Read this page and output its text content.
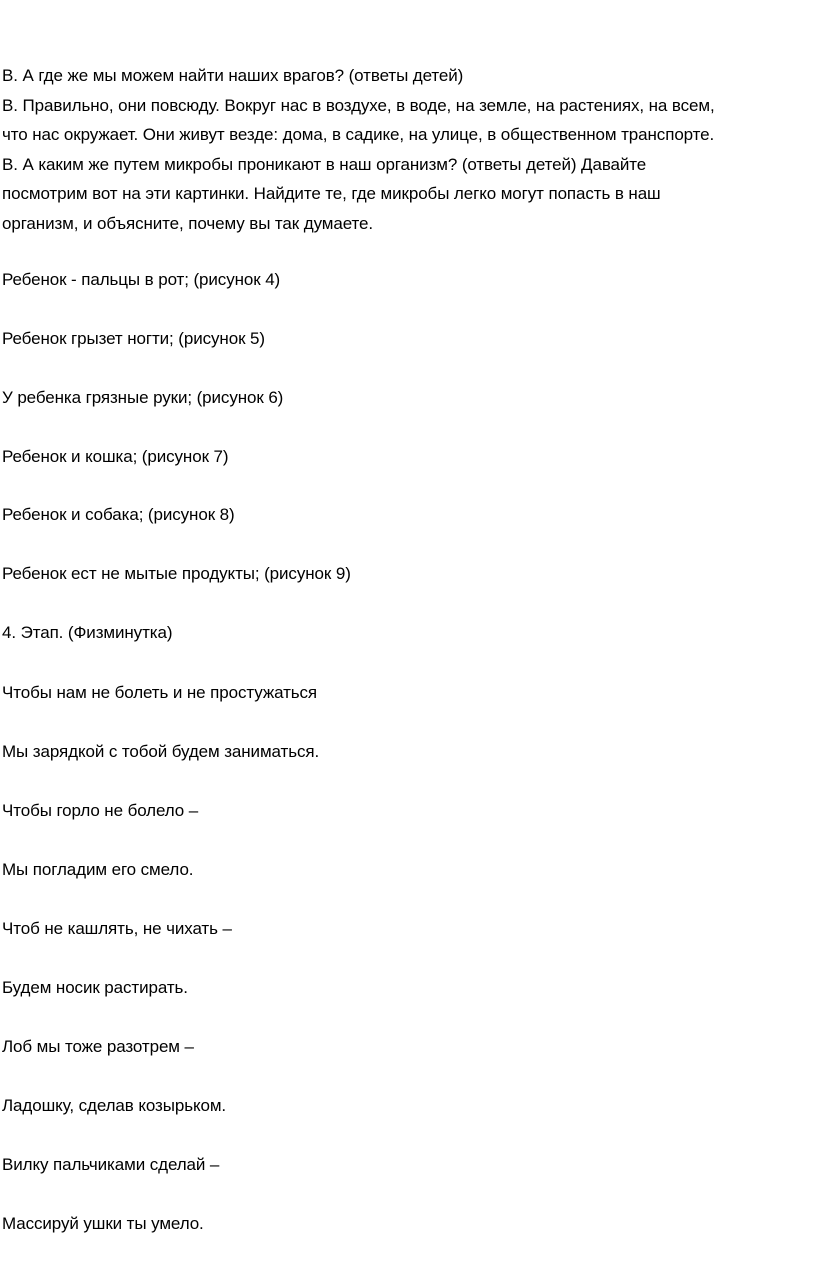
В. А где же мы можем найти наших врагов? (ответы детей)

В. Правильно, они повсюду. Вокруг нас в воздухе, в воде, на земле, на растениях, на всем,

что нас окружает. Они живут везде: дома, в садике, на улице, в общественном транспорте.

В. А каким же путем микробы проникают в наш организм? (ответы детей) Давайте

посмотрим вот на эти картинки. Найдите те, где микробы легко могут попасть в наш

организм, и объясните, почему вы так думаете.

Ребенок - пальцы в рот; (рисунок 4)

Ребенок грызет ногти; (рисунок 5)

У ребенка грязные руки; (рисунок 6)

Ребенок и кошка; (рисунок 7)

Ребенок и собака; (рисунок 8)

Ребенок ест не мытые продукты; (рисунок 9)

4. Этап. (Физминутка)

Чтобы нам не болеть и не простужаться

Мы зарядкой с тобой будем заниматься.

Чтобы горло не болело –

Мы погладим его смело.

Чтоб не кашлять, не чихать –

Будем носик растирать.

Лоб мы тоже разотрем –

Ладошку, сделав козырьком.

Вилку пальчиками сделай –

Массируй ушки ты умело.
